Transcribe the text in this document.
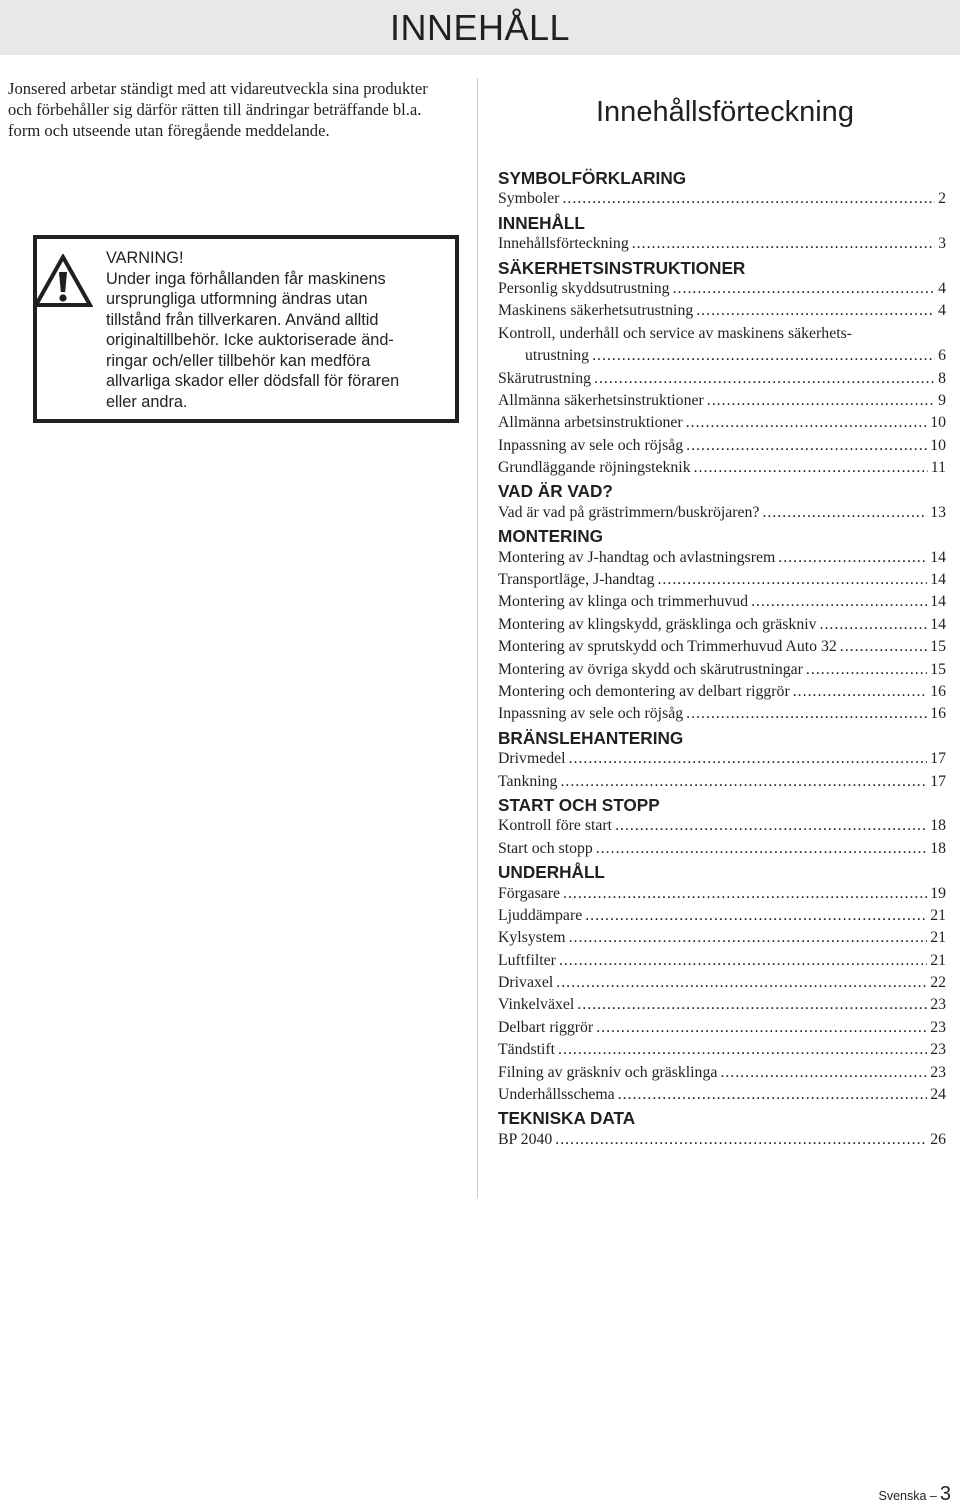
INNEHÅLL

Jonsered arbetar ständigt med att vidareutveckla sina produkter
och förbehåller sig därför rätten till ändringar beträffande bl.a.
form och utseende utan föregående meddelande.

VARNING!
Under inga förhållanden får maskinens
ursprungliga utformning ändras utan
tillstånd från tillverkaren. Använd alltid
originaltillbehör. Icke auktoriserade änd-
ringar och/eller tillbehör kan medföra
allvarliga skador eller dödsfall för föraren
eller andra.
Innehållsförteckning
SYMBOLFÖRKLARING
Symboler .....	2
INNEHÅLL
Innehållsförteckning .....	3
SÄKERHETSINSTRUKTIONER
Personlig skyddsutrustning .....	4
Maskinens säkerhetsutrustning .....	4
Kontroll, underhåll och service av maskinens säkerhets-
utrustning .....	6
Skärutrustning .....	8
Allmänna säkerhetsinstruktioner .....	9
Allmänna arbetsinstruktioner .....	10
Inpassning av sele och röjsåg .....	10
Grundläggande röjningsteknik .....	11
VAD ÄR VAD?
Vad är vad på grästrimmern/buskröjaren? .....	13
MONTERING
Montering av J-handtag och avlastningsrem .....	14
Transportläge, J-handtag .....	14
Montering av klinga och trimmerhuvud .....	14
Montering av klingskydd, gräsklinga och gräskniv .....	14
Montering av sprutskydd och Trimmerhuvud Auto 32 .....	15
Montering av övriga skydd och skärutrustningar .....	15
Montering och demontering av delbart riggrör .....	16
Inpassning av sele och röjsåg .....	16
BRÄNSLEHANTERING
Drivmedel .....	17
Tankning .....	17
START OCH STOPP
Kontroll före start .....	18
Start och stopp .....	18
UNDERHÅLL
Förgasare .....	19
Ljuddämpare .....	21
Kylsystem .....	21
Luftfilter .....	21
Drivaxel .....	22
Vinkelväxel .....	23
Delbart riggrör .....	23
Tändstift .....	23
Filning av gräskniv och gräsklinga .....	23
Underhållsschema .....	24
TEKNISKA DATA
BP 2040 .....	26
Svenska – 3
